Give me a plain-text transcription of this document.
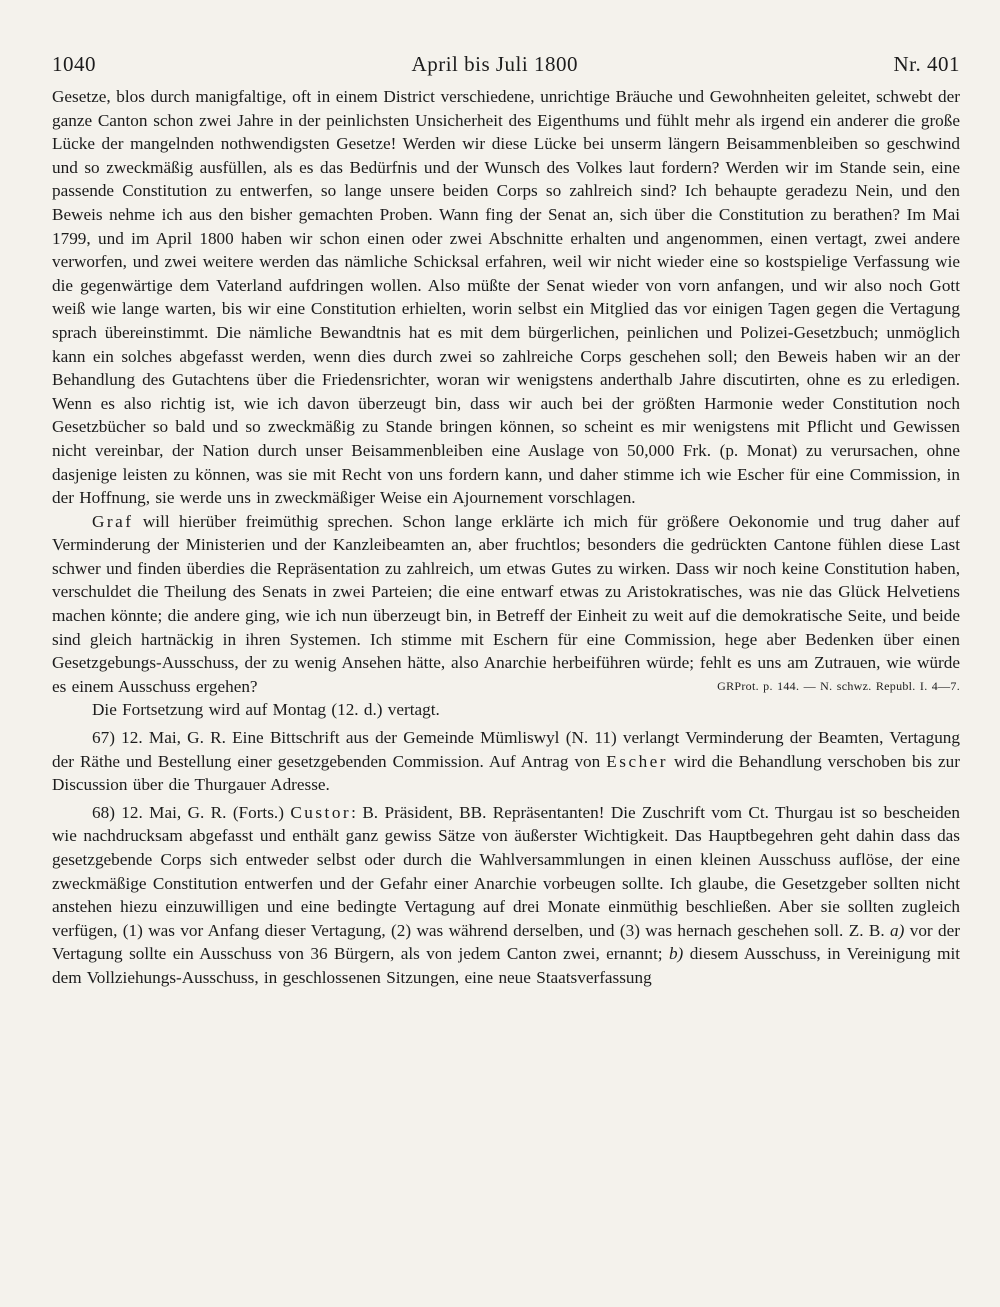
1040	April bis Juli 1800	Nr. 401

Gesetze, blos durch manigfaltige, oft in einem District verschiedene, unrichtige Bräuche und Gewohnheiten geleitet, schwebt der ganze Canton schon zwei Jahre in der peinlichsten Unsicherheit des Eigenthums und fühlt mehr als irgend ein anderer die große Lücke der mangelnden nothwendigsten Gesetze! Werden wir diese Lücke bei unserm längern Beisammenbleiben so geschwind und so zweckmäßig ausfüllen, als es das Bedürfnis und der Wunsch des Volkes laut fordern? Werden wir im Stande sein, eine passende Constitution zu entwerfen, so lange unsere beiden Corps so zahlreich sind? Ich behaupte geradezu Nein, und den Beweis nehme ich aus den bisher gemachten Proben. Wann fing der Senat an, sich über die Constitution zu berathen? Im Mai 1799, und im April 1800 haben wir schon einen oder zwei Abschnitte erhalten und angenommen, einen vertagt, zwei andere verworfen, und zwei weitere werden das nämliche Schicksal erfahren, weil wir nicht wieder eine so kostspielige Verfassung wie die gegenwärtige dem Vaterland aufdringen wollen. Also müßte der Senat wieder von vorn anfangen, und wir also noch Gott weiß wie lange warten, bis wir eine Constitution erhielten, worin selbst ein Mitglied das vor einigen Tagen gegen die Vertagung sprach übereinstimmt. Die nämliche Bewandtnis hat es mit dem bürgerlichen, peinlichen und Polizei-Gesetzbuch; unmöglich kann ein solches abgefasst werden, wenn dies durch zwei so zahlreiche Corps geschehen soll; den Beweis haben wir an der Behandlung des Gutachtens über die Friedensrichter, woran wir wenigstens anderthalb Jahre discutirten, ohne es zu erledigen. Wenn es also richtig ist, wie ich davon überzeugt bin, dass wir auch bei der größten Harmonie weder Constitution noch Gesetzbücher so bald und so zweckmäßig zu Stande bringen können, so scheint es mir wenigstens mit Pflicht und Gewissen nicht vereinbar, der Nation durch unser Beisammenbleiben eine Auslage von 50,000 Frk. (p. Monat) zu verursachen, ohne dasjenige leisten zu können, was sie mit Recht von uns fordern kann, und daher stimme ich wie Escher für eine Commission, in der Hoffnung, sie werde uns in zweckmäßiger Weise ein Ajournement vorschlagen.

Graf will hierüber freimüthig sprechen. Schon lange erklärte ich mich für größere Oekonomie und trug daher auf Verminderung der Ministerien und der Kanzleibeamten an, aber fruchtlos; besonders die gedrückten Cantone fühlen diese Last schwer und finden überdies die Repräsentation zu zahlreich, um etwas Gutes zu wirken. Dass wir noch keine Constitution haben, verschuldet die Theilung des Senats in zwei Parteien; die eine entwarf etwas zu Aristokratisches, was nie das Glück Helvetiens machen könnte; die andere ging, wie ich nun überzeugt bin, in Betreff der Einheit zu weit auf die demokratische Seite, und beide sind gleich hartnäckig in ihren Systemen. Ich stimme mit Eschern für eine Commission, hege aber Bedenken über einen Gesetzgebungs-Ausschuss, der zu wenig Ansehen hätte, also Anarchie herbeiführen würde; fehlt es uns am Zutrauen, wie würde es einem Ausschuss ergehen?	GRProt. p. 144. — N. schwz. Republ. I. 4—7.

Die Fortsetzung wird auf Montag (12. d.) vertagt.

67) 12. Mai, G. R. Eine Bittschrift aus der Gemeinde Mümliswyl (N. 11) verlangt Verminderung der Beamten, Vertagung der Räthe und Bestellung einer gesetzgebenden Commission. Auf Antrag von Escher wird die Behandlung verschoben bis zur Discussion über die Thurgauer Adresse.

68) 12. Mai, G. R. (Forts.) Custor: B. Präsident, BB. Repräsentanten! Die Zuschrift vom Ct. Thurgau ist so bescheiden wie nachdrucksam abgefasst und enthält ganz gewiss Sätze von äußerster Wichtigkeit. Das Hauptbegehren geht dahin dass das gesetzgebende Corps sich entweder selbst oder durch die Wahlversammlungen in einen kleinen Ausschuss auflöse, der eine zweckmäßige Constitution entwerfen und der Gefahr einer Anarchie vorbeugen sollte. Ich glaube, die Gesetzgeber sollten nicht anstehen hiezu einzuwilligen und eine bedingte Vertagung auf drei Monate einmüthig beschließen. Aber sie sollten zugleich verfügen, (1) was vor Anfang dieser Vertagung, (2) was während derselben, und (3) was hernach geschehen soll. Z. B. a) vor der Vertagung sollte ein Ausschuss von 36 Bürgern, als von jedem Canton zwei, ernannt; b) diesem Ausschuss, in Vereinigung mit dem Vollziehungs-Ausschuss, in geschlossenen Sitzungen, eine neue Staatsverfassung
